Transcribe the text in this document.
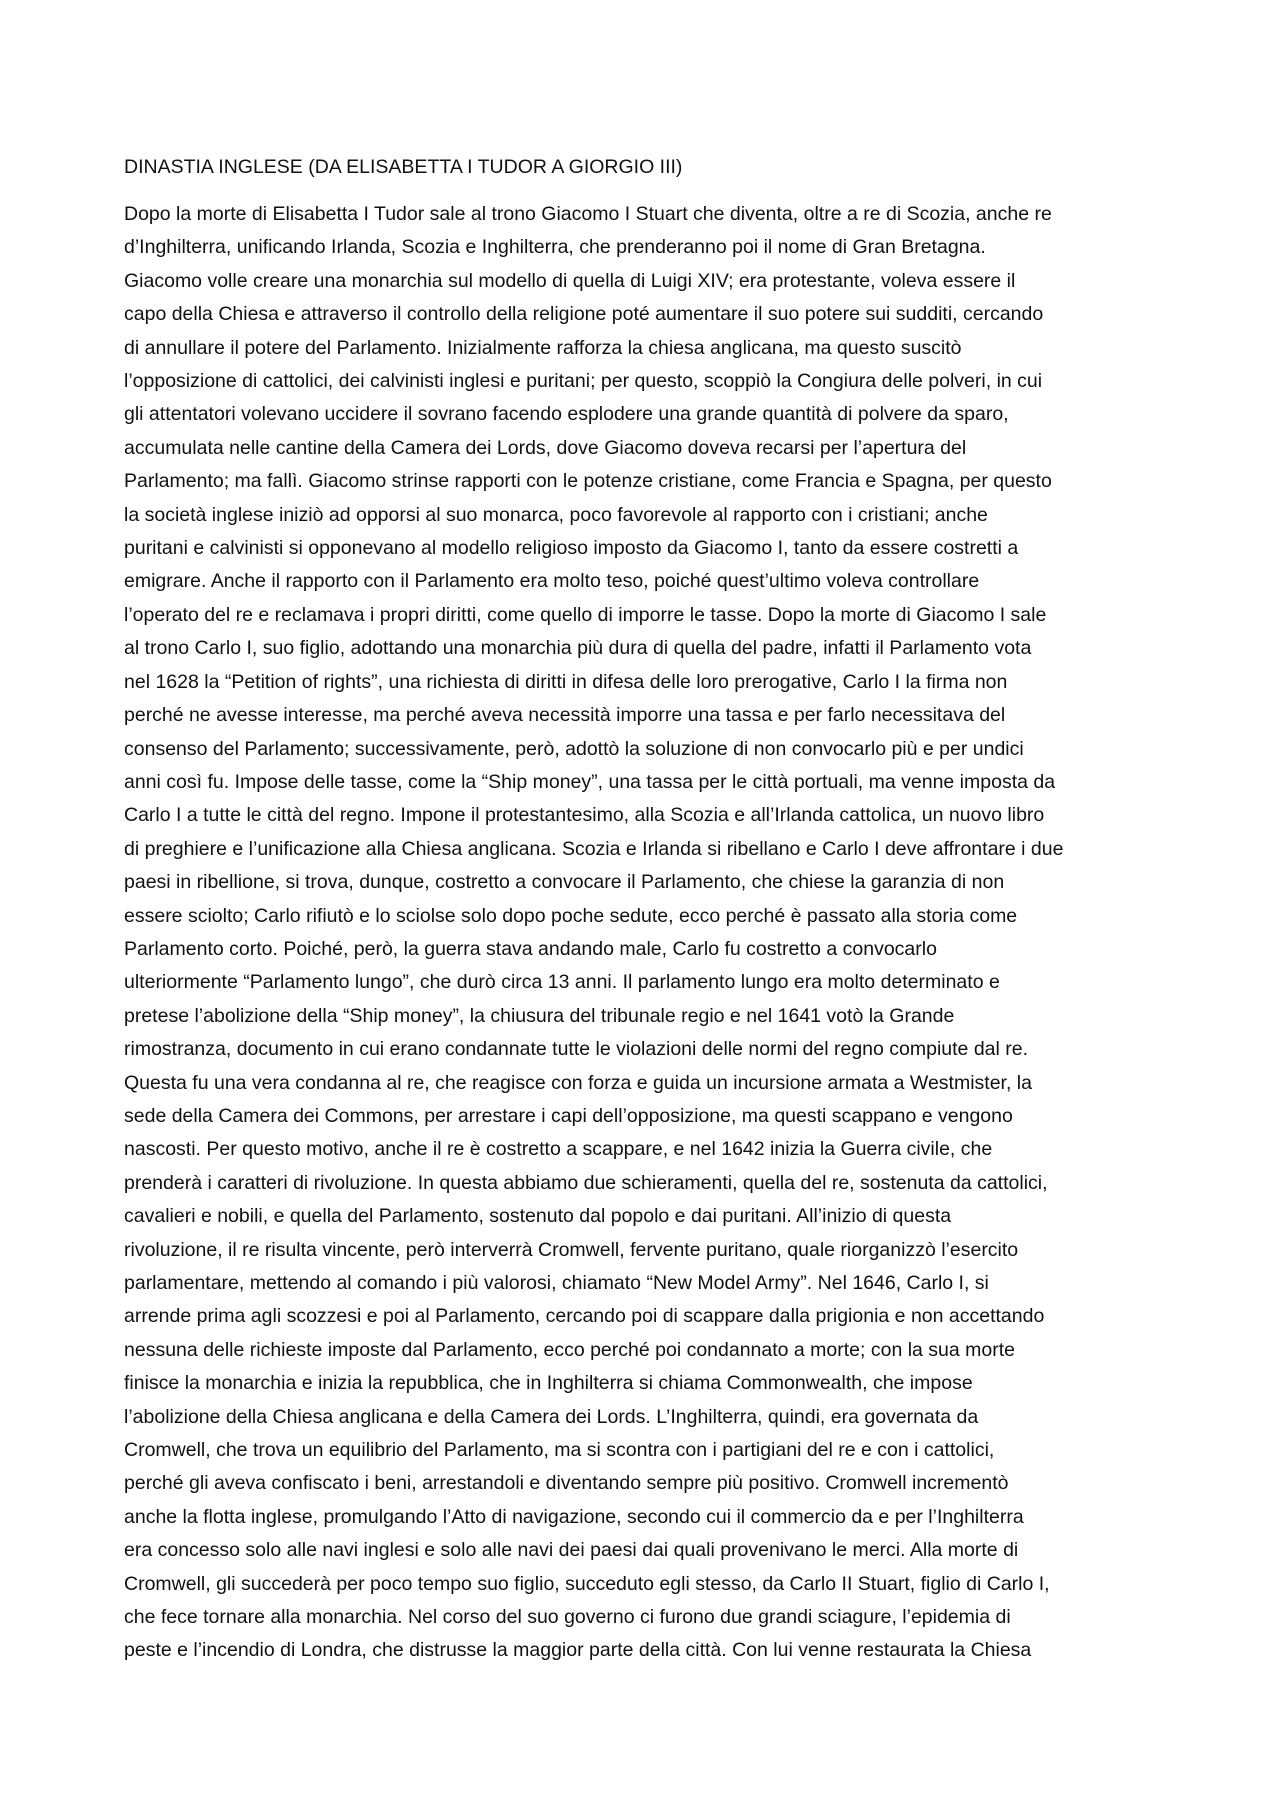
DINASTIA INGLESE (DA ELISABETTA I TUDOR A GIORGIO III)
Dopo la morte di Elisabetta I Tudor sale al trono Giacomo I Stuart che diventa, oltre a re di Scozia, anche re
d’Inghilterra, unificando Irlanda, Scozia e Inghilterra, che prenderanno poi il nome di Gran Bretagna.
Giacomo volle creare una monarchia sul modello di quella di Luigi XIV; era protestante, voleva essere il
capo della Chiesa e attraverso il controllo della religione poté aumentare il suo potere sui sudditi, cercando
di annullare il potere del Parlamento. Inizialmente rafforza la chiesa anglicana, ma questo suscitò
l’opposizione di cattolici, dei calvinisti inglesi e puritani; per questo, scoppiò la Congiura delle polveri, in cui
gli attentatori volevano uccidere il sovrano facendo esplodere una grande quantità di polvere da sparo,
accumulata nelle cantine della Camera dei Lords, dove Giacomo doveva recarsi per l’apertura del
Parlamento; ma fallì. Giacomo strinse rapporti con le potenze cristiane, come Francia e Spagna, per questo
la società inglese iniziò ad opporsi al suo monarca, poco favorevole al rapporto con i cristiani; anche
puritani e calvinisti si opponevano al modello religioso imposto da Giacomo I, tanto da essere costretti a
emigrare. Anche il rapporto con il Parlamento era molto teso, poiché quest’ultimo voleva controllare
l’operato del re e reclamava i propri diritti, come quello di imporre le tasse. Dopo la morte di Giacomo I sale
al trono Carlo I, suo figlio, adottando una monarchia più dura di quella del padre, infatti il Parlamento vota
nel 1628 la “Petition of rights”, una richiesta di diritti in difesa delle loro prerogative, Carlo I la firma non
perché ne avesse interesse, ma perché aveva necessità imporre una tassa e per farlo necessitava del
consenso del Parlamento; successivamente, però, adottò la soluzione di non convocarlo più e per undici
anni così fu. Impose delle tasse, come la “Ship money”, una tassa per le città portuali, ma venne imposta da
Carlo I a tutte le città del regno. Impone il protestantesimo, alla Scozia e all’Irlanda cattolica, un nuovo libro
di preghiere e l’unificazione alla Chiesa anglicana. Scozia e Irlanda si ribellano e Carlo I deve affrontare i due
paesi in ribellione, si trova, dunque, costretto a convocare il Parlamento, che chiese la garanzia di non
essere sciolto; Carlo rifiutò e lo sciolse solo dopo poche sedute, ecco perché è passato alla storia come
Parlamento corto. Poiché, però, la guerra stava andando male, Carlo fu costretto a convocarlo
ulteriormente “Parlamento lungo”, che durò circa 13 anni. Il parlamento lungo era molto determinato e
pretese l’abolizione della “Ship money”, la chiusura del tribunale regio e nel 1641 votò la Grande
rimostranza, documento in cui erano condannate tutte le violazioni delle normi del regno compiute dal re.
Questa fu una vera condanna al re, che reagisce con forza e guida un incursione armata a Westmister, la
sede della Camera dei Commons, per arrestare i capi dell’opposizione, ma questi scappano e vengono
nascosti. Per questo motivo, anche il re è costretto a scappare, e nel 1642 inizia la Guerra civile, che
prenderà i caratteri di rivoluzione. In questa abbiamo due schieramenti, quella del re, sostenuta da cattolici,
cavalieri e nobili, e quella del Parlamento, sostenuto dal popolo e dai puritani. All’inizio di questa
rivoluzione, il re risulta vincente, però interverrà Cromwell, fervente puritano, quale riorganizzò l’esercito
parlamentare, mettendo al comando i più valorosi, chiamato “New Model Army”. Nel 1646, Carlo I, si
arrende prima agli scozzesi e poi al Parlamento, cercando poi di scappare dalla prigionia e non accettando
nessuna delle richieste imposte dal Parlamento, ecco perché poi condannato a morte; con la sua morte
finisce la monarchia e inizia la repubblica, che in Inghilterra si chiama Commonwealth, che impose
l’abolizione della Chiesa anglicana e della Camera dei Lords. L’Inghilterra, quindi, era governata da
Cromwell, che trova un equilibrio del Parlamento, ma si scontra con i partigiani del re e con i cattolici,
perché gli aveva confiscato i beni, arrestandoli e diventando sempre più positivo. Cromwell incrementò
anche la flotta inglese, promulgando l’Atto di navigazione, secondo cui il commercio da e per l’Inghilterra
era concesso solo alle navi inglesi e solo alle navi dei paesi dai quali provenivano le merci. Alla morte di
Cromwell, gli succederà per poco tempo suo figlio, succeduto egli stesso, da Carlo II Stuart, figlio di Carlo I,
che fece tornare alla monarchia. Nel corso del suo governo ci furono due grandi sciagure, l’epidemia di
peste e l’incendio di Londra, che distrusse la maggior parte della città. Con lui venne restaurata la Chiesa
